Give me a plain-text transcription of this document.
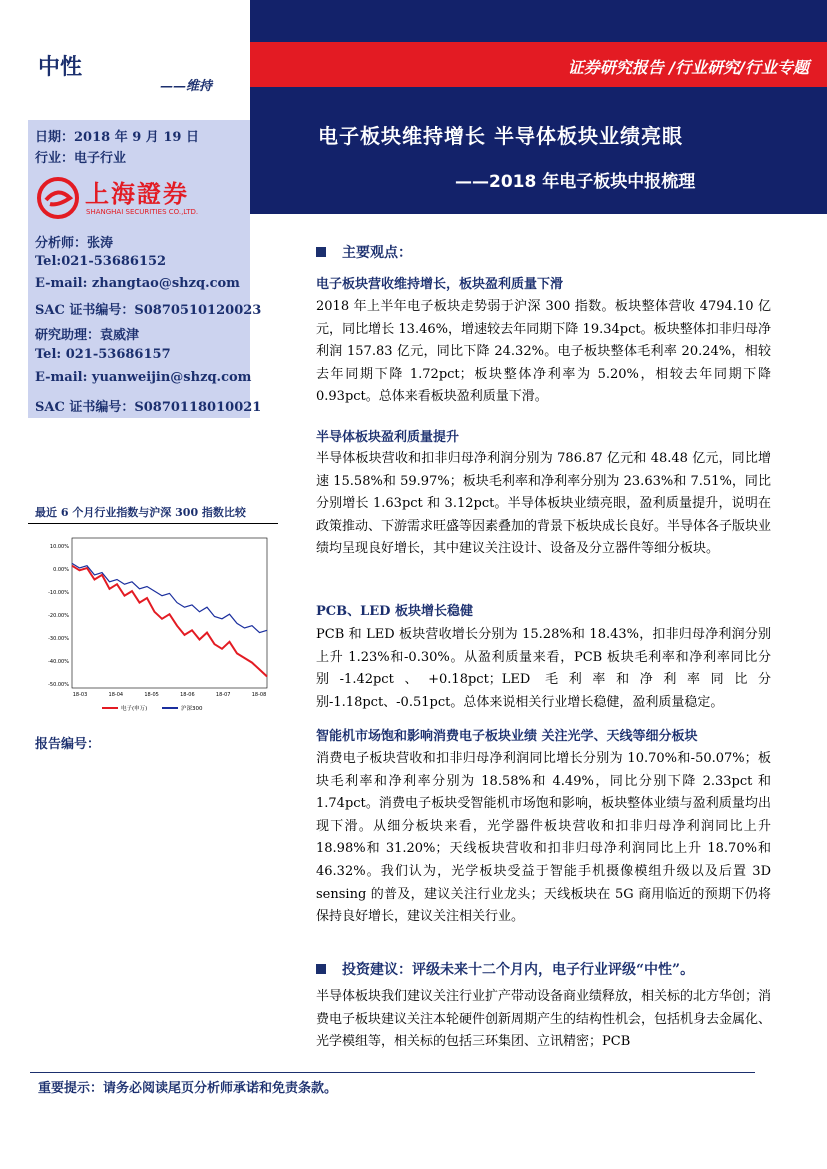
中性
——维持
证券研究报告 /行业研究/行业专题
电子板块维持增长 半导体板块业绩亮眼
——2018 年电子板块中报梳理
日期：2018 年 9 月 19 日
行业：电子行业
上海證券
SHANGHAI SECURITIES CO.,LTD.
分析师：张涛
Tel:021-53686152
E-mail: zhangtao@shzq.com
SAC 证书编号：S0870510120023
研究助理：袁威津
Tel: 021-53686157
E-mail: yuanweijin@shzq.com
SAC 证书编号：S0870118010021
最近 6 个月行业指数与沪深 300 指数比较
10.00%
0.00%
-10.00%
-20.00%
-30.00%
-40.00%
-50.00%
18-03	18-04	18-05	18-06	18-07	18-08
电子(申万)	沪深300
报告编号：
主要观点：
电子板块营收维持增长，板块盈利质量下滑
2018 年上半年电子板块走势弱于沪深 300 指数。板块整体营收 4794.10 亿元，同比增长 13.46%，增速较去年同期下降 19.34pct。板块整体扣非归母净利润 157.83 亿元，同比下降 24.32%。电子板块整体毛利率 20.24%，相较去年同期下降 1.72pct；板块整体净利率为 5.20%，相较去年同期下降 0.93pct。总体来看板块盈利质量下滑。
半导体板块盈利质量提升
半导体板块营收和扣非归母净利润分别为 786.87 亿元和 48.48 亿元，同比增速 15.58%和 59.97%；板块毛利率和净利率分别为 23.63%和 7.51%，同比分别增长 1.63pct 和 3.12pct。半导体板块业绩亮眼，盈利质量提升，说明在政策推动、下游需求旺盛等因素叠加的背景下板块成长良好。半导体各子版块业绩均呈现良好增长，其中建议关注设计、设备及分立器件等细分板块。
PCB、LED 板块增长稳健
PCB 和 LED 板块营收增长分别为 15.28%和 18.43%，扣非归母净利润分别上升 1.23%和-0.30%。从盈利质量来看，PCB 板块毛利率和净利率同比分别-1.42pct、+0.18pct；LED 毛利率和净利率同比分别-1.18pct、-0.51pct。总体来说相关行业增长稳健，盈利质量稳定。
智能机市场饱和影响消费电子板块业绩 关注光学、天线等细分板块
消费电子板块营收和扣非归母净利润同比增长分别为 10.70%和-50.07%；板块毛利率和净利率分别为 18.58%和 4.49%，同比分别下降 2.33pct 和 1.74pct。消费电子板块受智能机市场饱和影响，板块整体业绩与盈利质量均出现下滑。从细分板块来看，光学器件板块营收和扣非归母净利润同比上升 18.98%和 31.20%；天线板块营收和扣非归母净利润同比上升 18.70%和 46.32%。我们认为，光学板块受益于智能手机摄像模组升级以及后置 3D sensing 的普及，建议关注行业龙头；天线板块在 5G 商用临近的预期下仍将保持良好增长，建议关注相关行业。
投资建议：评级未来十二个月内，电子行业评级“中性”。
半导体板块我们建议关注行业扩产带动设备商业绩释放，相关标的北方华创；消费电子板块建议关注本轮硬件创新周期产生的结构性机会，包括机身去金属化、光学模组等，相关标的包括三环集团、立讯精密；PCB
重要提示：请务必阅读尾页分析师承诺和免责条款。
